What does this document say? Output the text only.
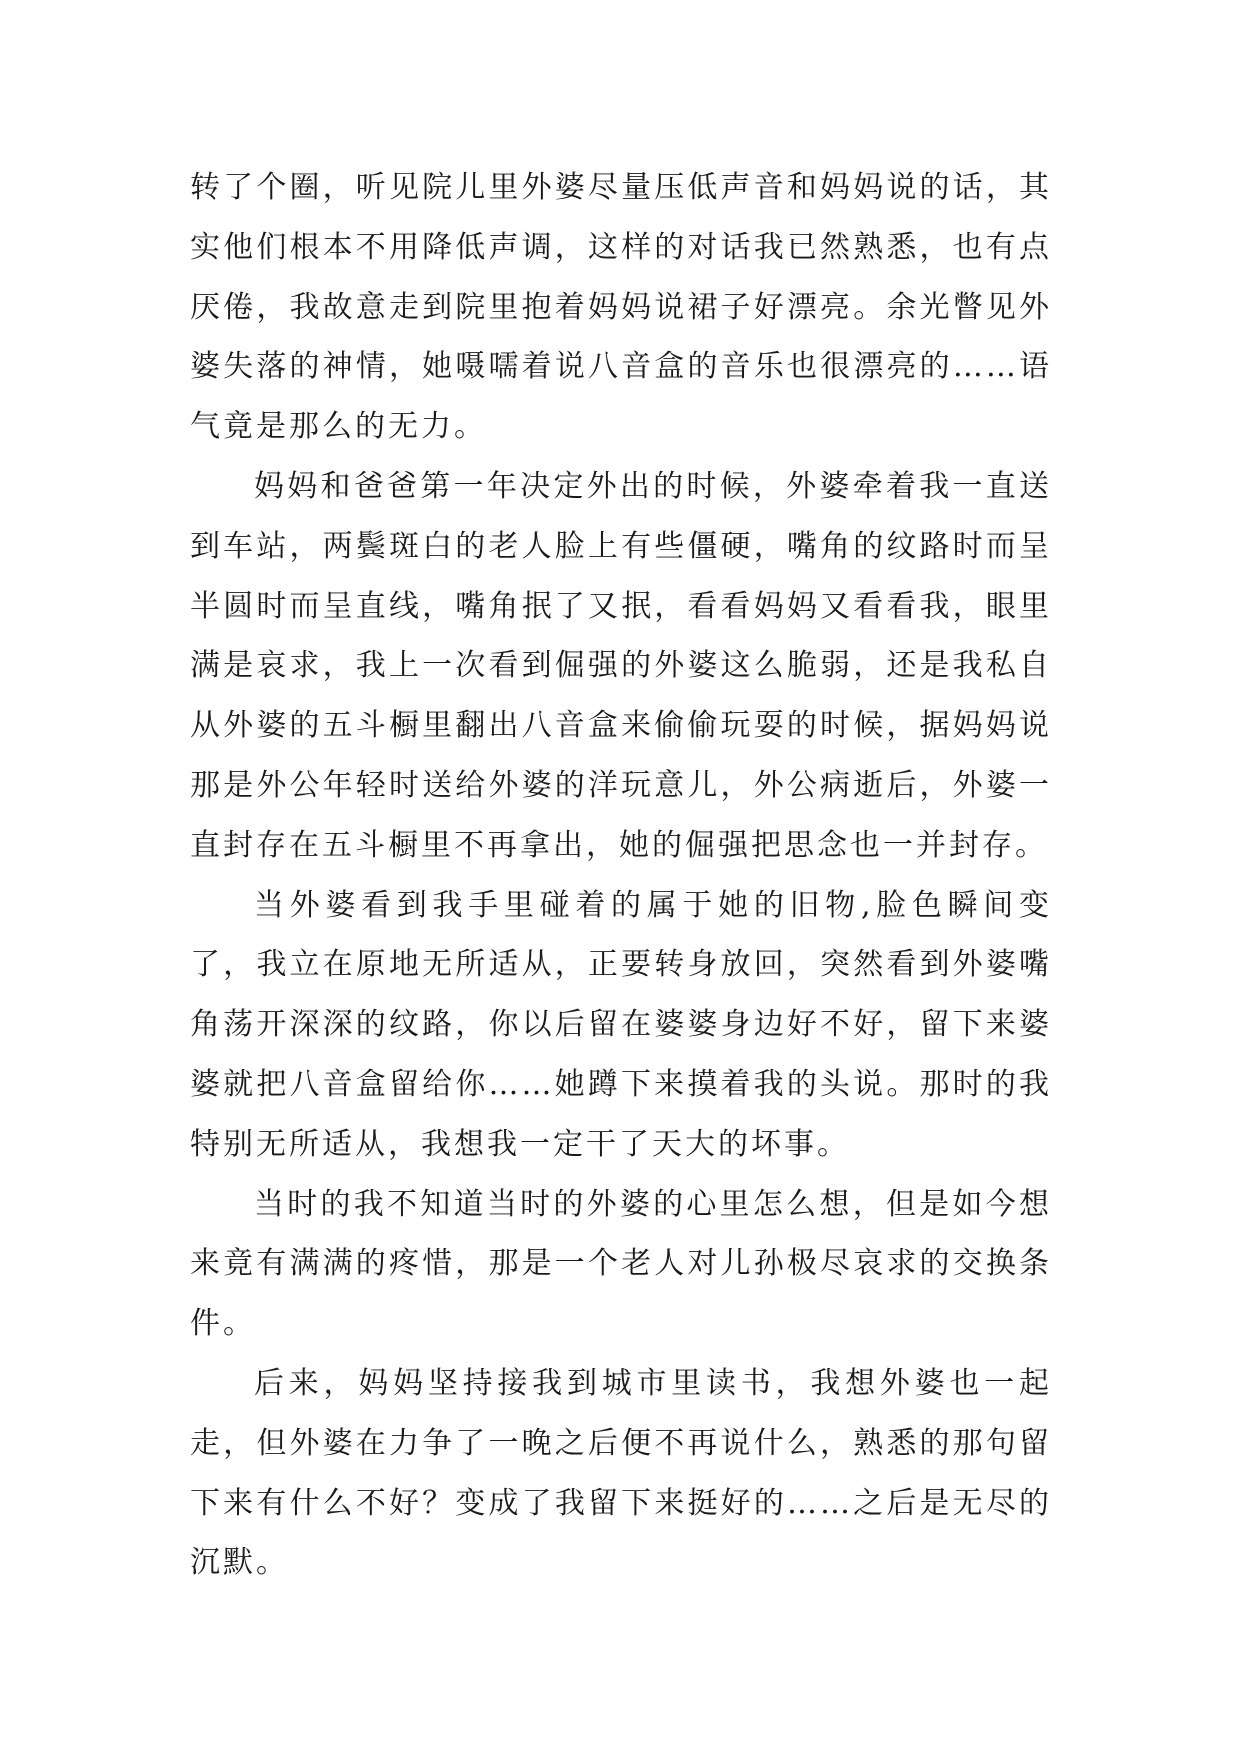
转了个圈，听见院儿里外婆尽量压低声音和妈妈说的话，其实他们根本不用降低声调，这样的对话我已然熟悉，也有点厌倦，我故意走到院里抱着妈妈说裙子好漂亮。余光瞥见外婆失落的神情，她嗫嚅着说八音盒的音乐也很漂亮的……语气竟是那么的无力。

妈妈和爸爸第一年决定外出的时候，外婆牵着我一直送到车站，两鬓斑白的老人脸上有些僵硬，嘴角的纹路时而呈半圆时而呈直线，嘴角抿了又抿，看看妈妈又看看我，眼里满是哀求，我上一次看到倔强的外婆这么脆弱，还是我私自从外婆的五斗橱里翻出八音盒来偷偷玩耍的时候，据妈妈说那是外公年轻时送给外婆的洋玩意儿，外公病逝后，外婆一直封存在五斗橱里不再拿出，她的倔强把思念也一并封存。

当外婆看到我手里碰着的属于她的旧物,脸色瞬间变了，我立在原地无所适从，正要转身放回，突然看到外婆嘴角荡开深深的纹路，你以后留在婆婆身边好不好，留下来婆婆就把八音盒留给你……她蹲下来摸着我的头说。那时的我特别无所适从，我想我一定干了天大的坏事。

当时的我不知道当时的外婆的心里怎么想，但是如今想来竟有满满的疼惜，那是一个老人对儿孙极尽哀求的交换条件。

后来，妈妈坚持接我到城市里读书，我想外婆也一起走，但外婆在力争了一晚之后便不再说什么，熟悉的那句留下来有什么不好？变成了我留下来挺好的……之后是无尽的沉默。
